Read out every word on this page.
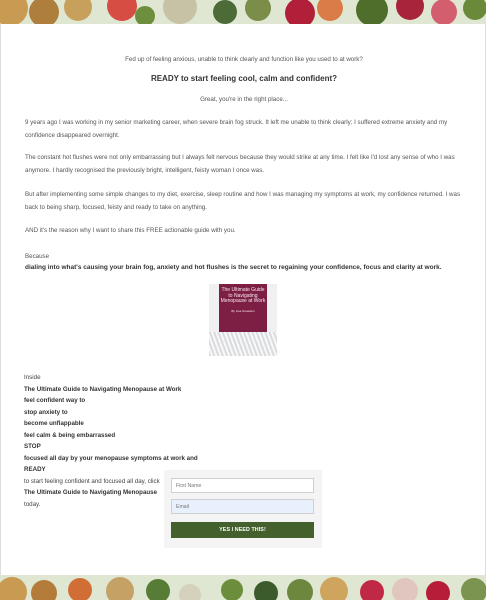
Fed up of feeling anxious, unable to think clearly and function like you used to at work?
READY to start feeling cool, calm and confident?
Great, you're in the right place...
9 years ago I was working in my senior marketing career, when severe brain fog struck. It left me unable to think clearly; I suffered extreme anxiety and my confidence disappeared overnight.
The constant hot flushes were not only embarrassing but I always felt nervous because they would strike at any time. I felt like I'd lost any sense of who I was anymore. I hardly recognised the previously bright, intelligent, feisty woman I once was.
But after implementing some simple changes to my diet, exercise, sleep routine and how I was managing my symptoms at work, my confidence returned. I was back to being sharp, focused, feisty and ready to take on anything.
AND it's the reason why I want to share this FREE actionable guide with you.
Because
dialing into what's causing your brain fog, anxiety and hot flushes is the secret to regaining your confidence, focus and clarity at work.
The Ultimate Guide to Navigating Menopause at Work
By Lisa Snowdon
Inside
The Ultimate Guide to Navigating Menopause at Work
feel confident way to
stop anxiety to
become unflappable
feel calm & being embarrassed
STOP
focused all day by your menopause symptoms at work and
READY
to start feeling confident and focused all day, click
The Ultimate Guide to Navigating Menopause
today.
First Name
Email
YES I NEED THIS!
